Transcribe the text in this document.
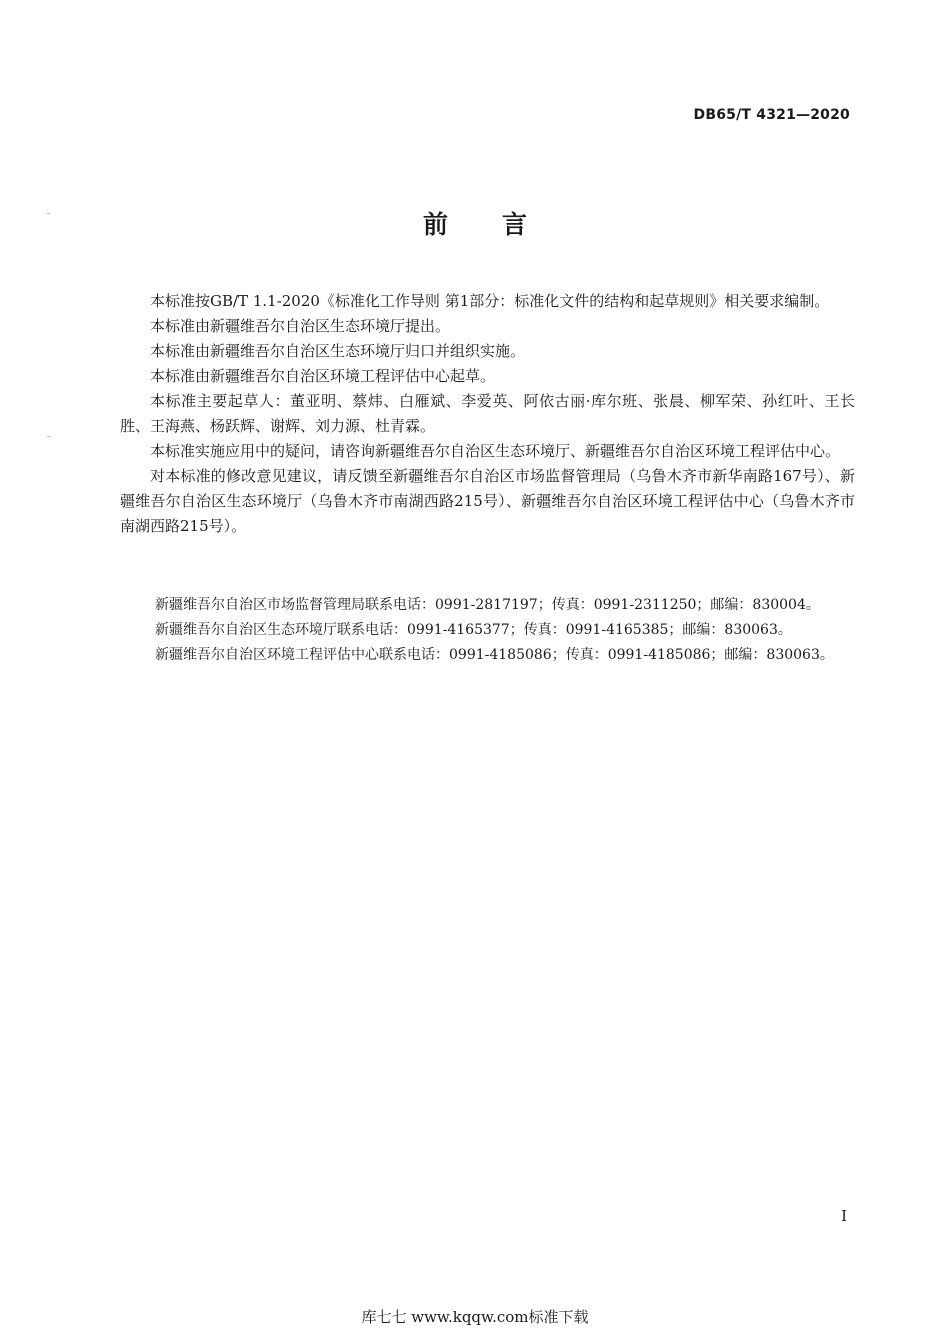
DB65/T 4321—2020
前言

本标准按GB/T 1.1-2020《标准化工作导则 第1部分：标准化文件的结构和起草规则》相关要求编制。

本标准由新疆维吾尔自治区生态环境厅提出。

本标准由新疆维吾尔自治区生态环境厅归口并组织实施。

本标准由新疆维吾尔自治区环境工程评估中心起草。

本标准主要起草人：董亚明、蔡炜、白雁斌、李爱英、阿依古丽·库尔班、张晨、柳军荣、孙红叶、王长胜、王海燕、杨跃辉、谢辉、刘力源、杜青霖。

本标准实施应用中的疑问，请咨询新疆维吾尔自治区生态环境厅、新疆维吾尔自治区环境工程评估中心。

对本标准的修改意见建议，请反馈至新疆维吾尔自治区市场监督管理局（乌鲁木齐市新华南路167号）、新疆维吾尔自治区生态环境厅（乌鲁木齐市南湖西路215号）、新疆维吾尔自治区环境工程评估中心（乌鲁木齐市南湖西路215号）。

新疆维吾尔自治区市场监督管理局联系电话：0991-2817197；传真：0991-2311250；邮编：830004。

新疆维吾尔自治区生态环境厅联系电话：0991-4165377；传真：0991-4165385；邮编：830063。

新疆维吾尔自治区环境工程评估中心联系电话：0991-4185086；传真：0991-4185086；邮编：830063。

I
库七七 www.kqqw.com标准下载
